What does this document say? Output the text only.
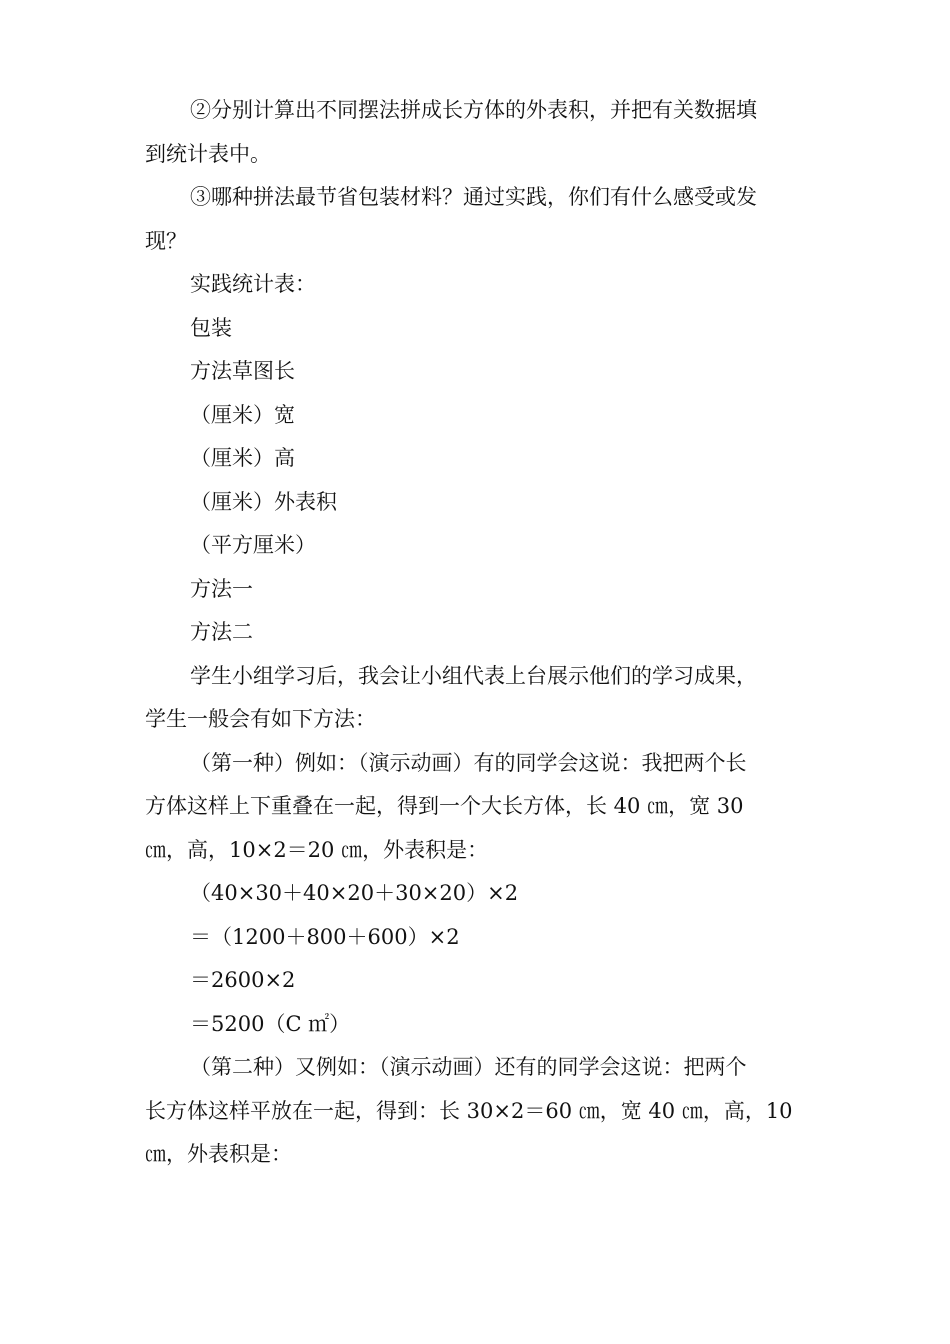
②分别计算出不同摆法拼成长方体的外表积，并把有关数据填
到统计表中。
③哪种拼法最节省包装材料？通过实践，你们有什么感受或发
现？
实践统计表：
包装
方法草图长
（厘米）宽
（厘米）高
（厘米）外表积
（平方厘米）
方法一
方法二
学生小组学习后，我会让小组代表上台展示他们的学习成果，
学生一般会有如下方法：
（第一种）例如：（演示动画）有的同学会这说：我把两个长
方体这样上下重叠在一起，得到一个大长方体，长 40 ㎝，宽 30
㎝，高，10×2＝20 ㎝，外表积是：
（40×30＋40×20＋30×20）×2
＝（1200＋800＋600）×2
＝2600×2
＝5200（C ㎡）
（第二种）又例如：（演示动画）还有的同学会这说：把两个
长方体这样平放在一起，得到：长 30×2＝60 ㎝，宽 40 ㎝，高，10
㎝，外表积是：
